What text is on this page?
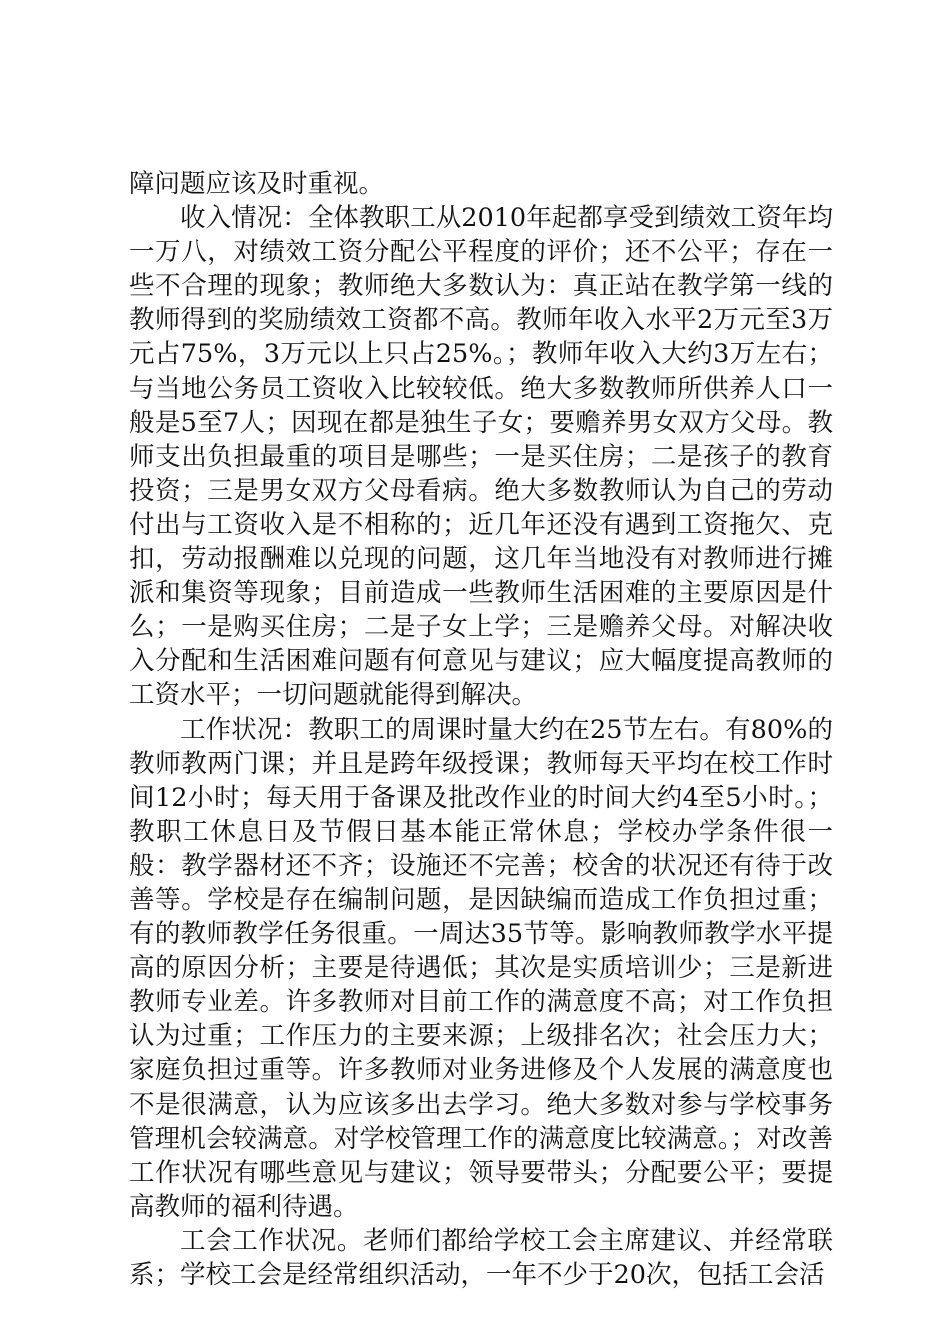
障问题应该及时重视。

收入情况：全体教职工从2010年起都享受到绩效工资年均一万八，对绩效工资分配公平程度的评价；还不公平；存在一些不合理的现象；教师绝大多数认为：真正站在教学第一线的教师得到的奖励绩效工资都不高。教师年收入水平2万元至3万元占75%，3万元以上只占25%。；教师年收入大约3万左右；与当地公务员工资收入比较较低。绝大多数教师所供养人口一般是5至7人；因现在都是独生子女；要赡养男女双方父母。教师支出负担最重的项目是哪些；一是买住房；二是孩子的教育投资；三是男女双方父母看病。绝大多数教师认为自己的劳动付出与工资收入是不相称的；近几年还没有遇到工资拖欠、克扣，劳动报酬难以兑现的问题，这几年当地没有对教师进行摊派和集资等现象；目前造成一些教师生活困难的主要原因是什么；一是购买住房；二是子女上学；三是赡养父母。对解决收入分配和生活困难问题有何意见与建议；应大幅度提高教师的工资水平；一切问题就能得到解决。

工作状况：教职工的周课时量大约在25节左右。有80%的教师教两门课；并且是跨年级授课；教师每天平均在校工作时间12小时；每天用于备课及批改作业的时间大约4至5小时。；教职工休息日及节假日基本能正常休息；学校办学条件很一般：教学器材还不齐；设施还不完善；校舍的状况还有待于改善等。学校是存在编制问题，是因缺编而造成工作负担过重；有的教师教学任务很重。一周达35节等。影响教师教学水平提高的原因分析；主要是待遇低；其次是实质培训少；三是新进教师专业差。许多教师对目前工作的满意度不高；对工作负担认为过重；工作压力的主要来源；上级排名次；社会压力大；家庭负担过重等。许多教师对业务进修及个人发展的满意度也不是很满意，认为应该多出去学习。绝大多数对参与学校事务管理机会较满意。对学校管理工作的满意度比较满意。；对改善工作状况有哪些意见与建议；领导要带头；分配要公平；要提高教师的福利待遇。

工会工作状况。老师们都给学校工会主席建议、并经常联系；学校工会是经常组织活动，一年不少于20次，包括工会活
